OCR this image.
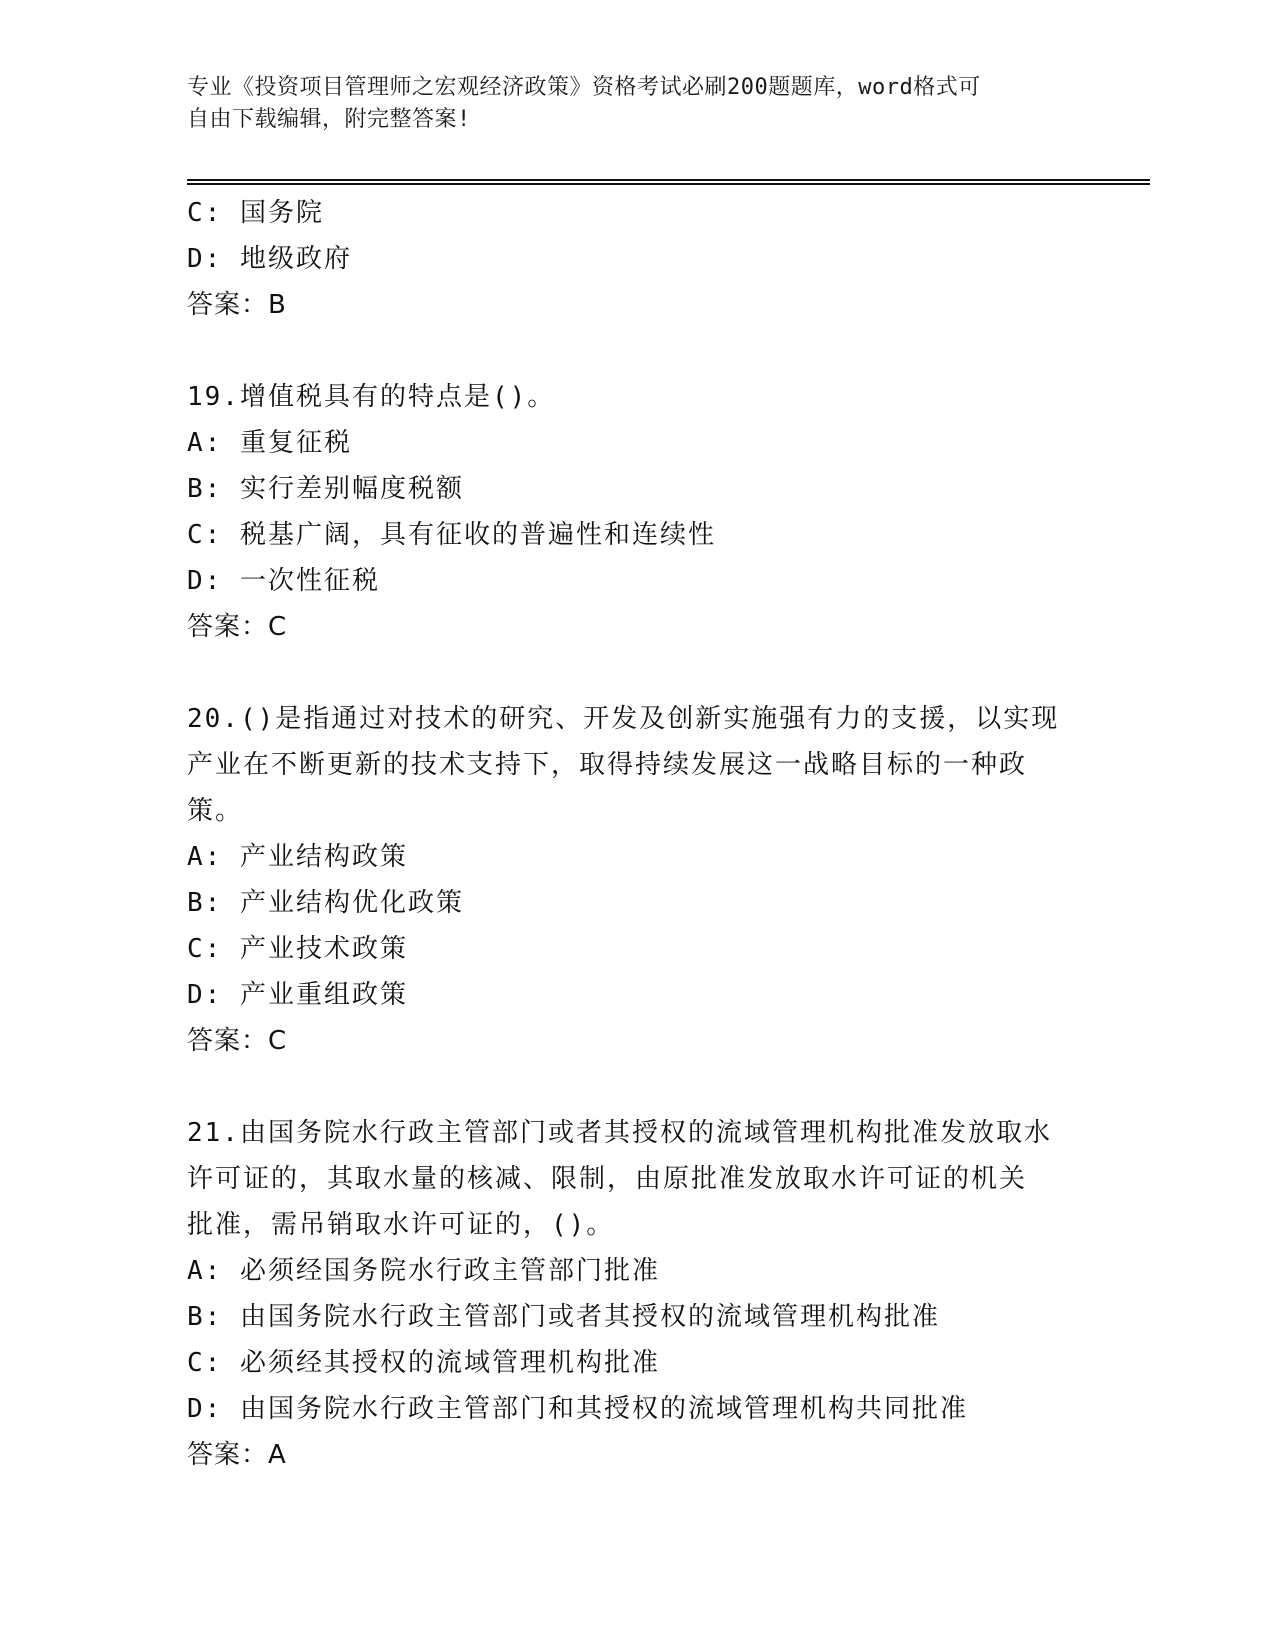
专业《投资项目管理师之宏观经济政策》资格考试必刷200题题库，word格式可
自由下载编辑，附完整答案!
C: 国务院
D: 地级政府
答案：B
19.增值税具有的特点是()。
A: 重复征税
B: 实行差别幅度税额
C: 税基广阔，具有征收的普遍性和连续性
D: 一次性征税
答案：C
20.()是指通过对技术的研究、开发及创新实施强有力的支援，以实现
产业在不断更新的技术支持下，取得持续发展这一战略目标的一种政
策。
A: 产业结构政策
B: 产业结构优化政策
C: 产业技术政策
D: 产业重组政策
答案：C
21.由国务院水行政主管部门或者其授权的流域管理机构批准发放取水
许可证的，其取水量的核减、限制，由原批准发放取水许可证的机关
批准，需吊销取水许可证的，()。
A: 必须经国务院水行政主管部门批准
B: 由国务院水行政主管部门或者其授权的流域管理机构批准
C: 必须经其授权的流域管理机构批准
D: 由国务院水行政主管部门和其授权的流域管理机构共同批准
答案：A
